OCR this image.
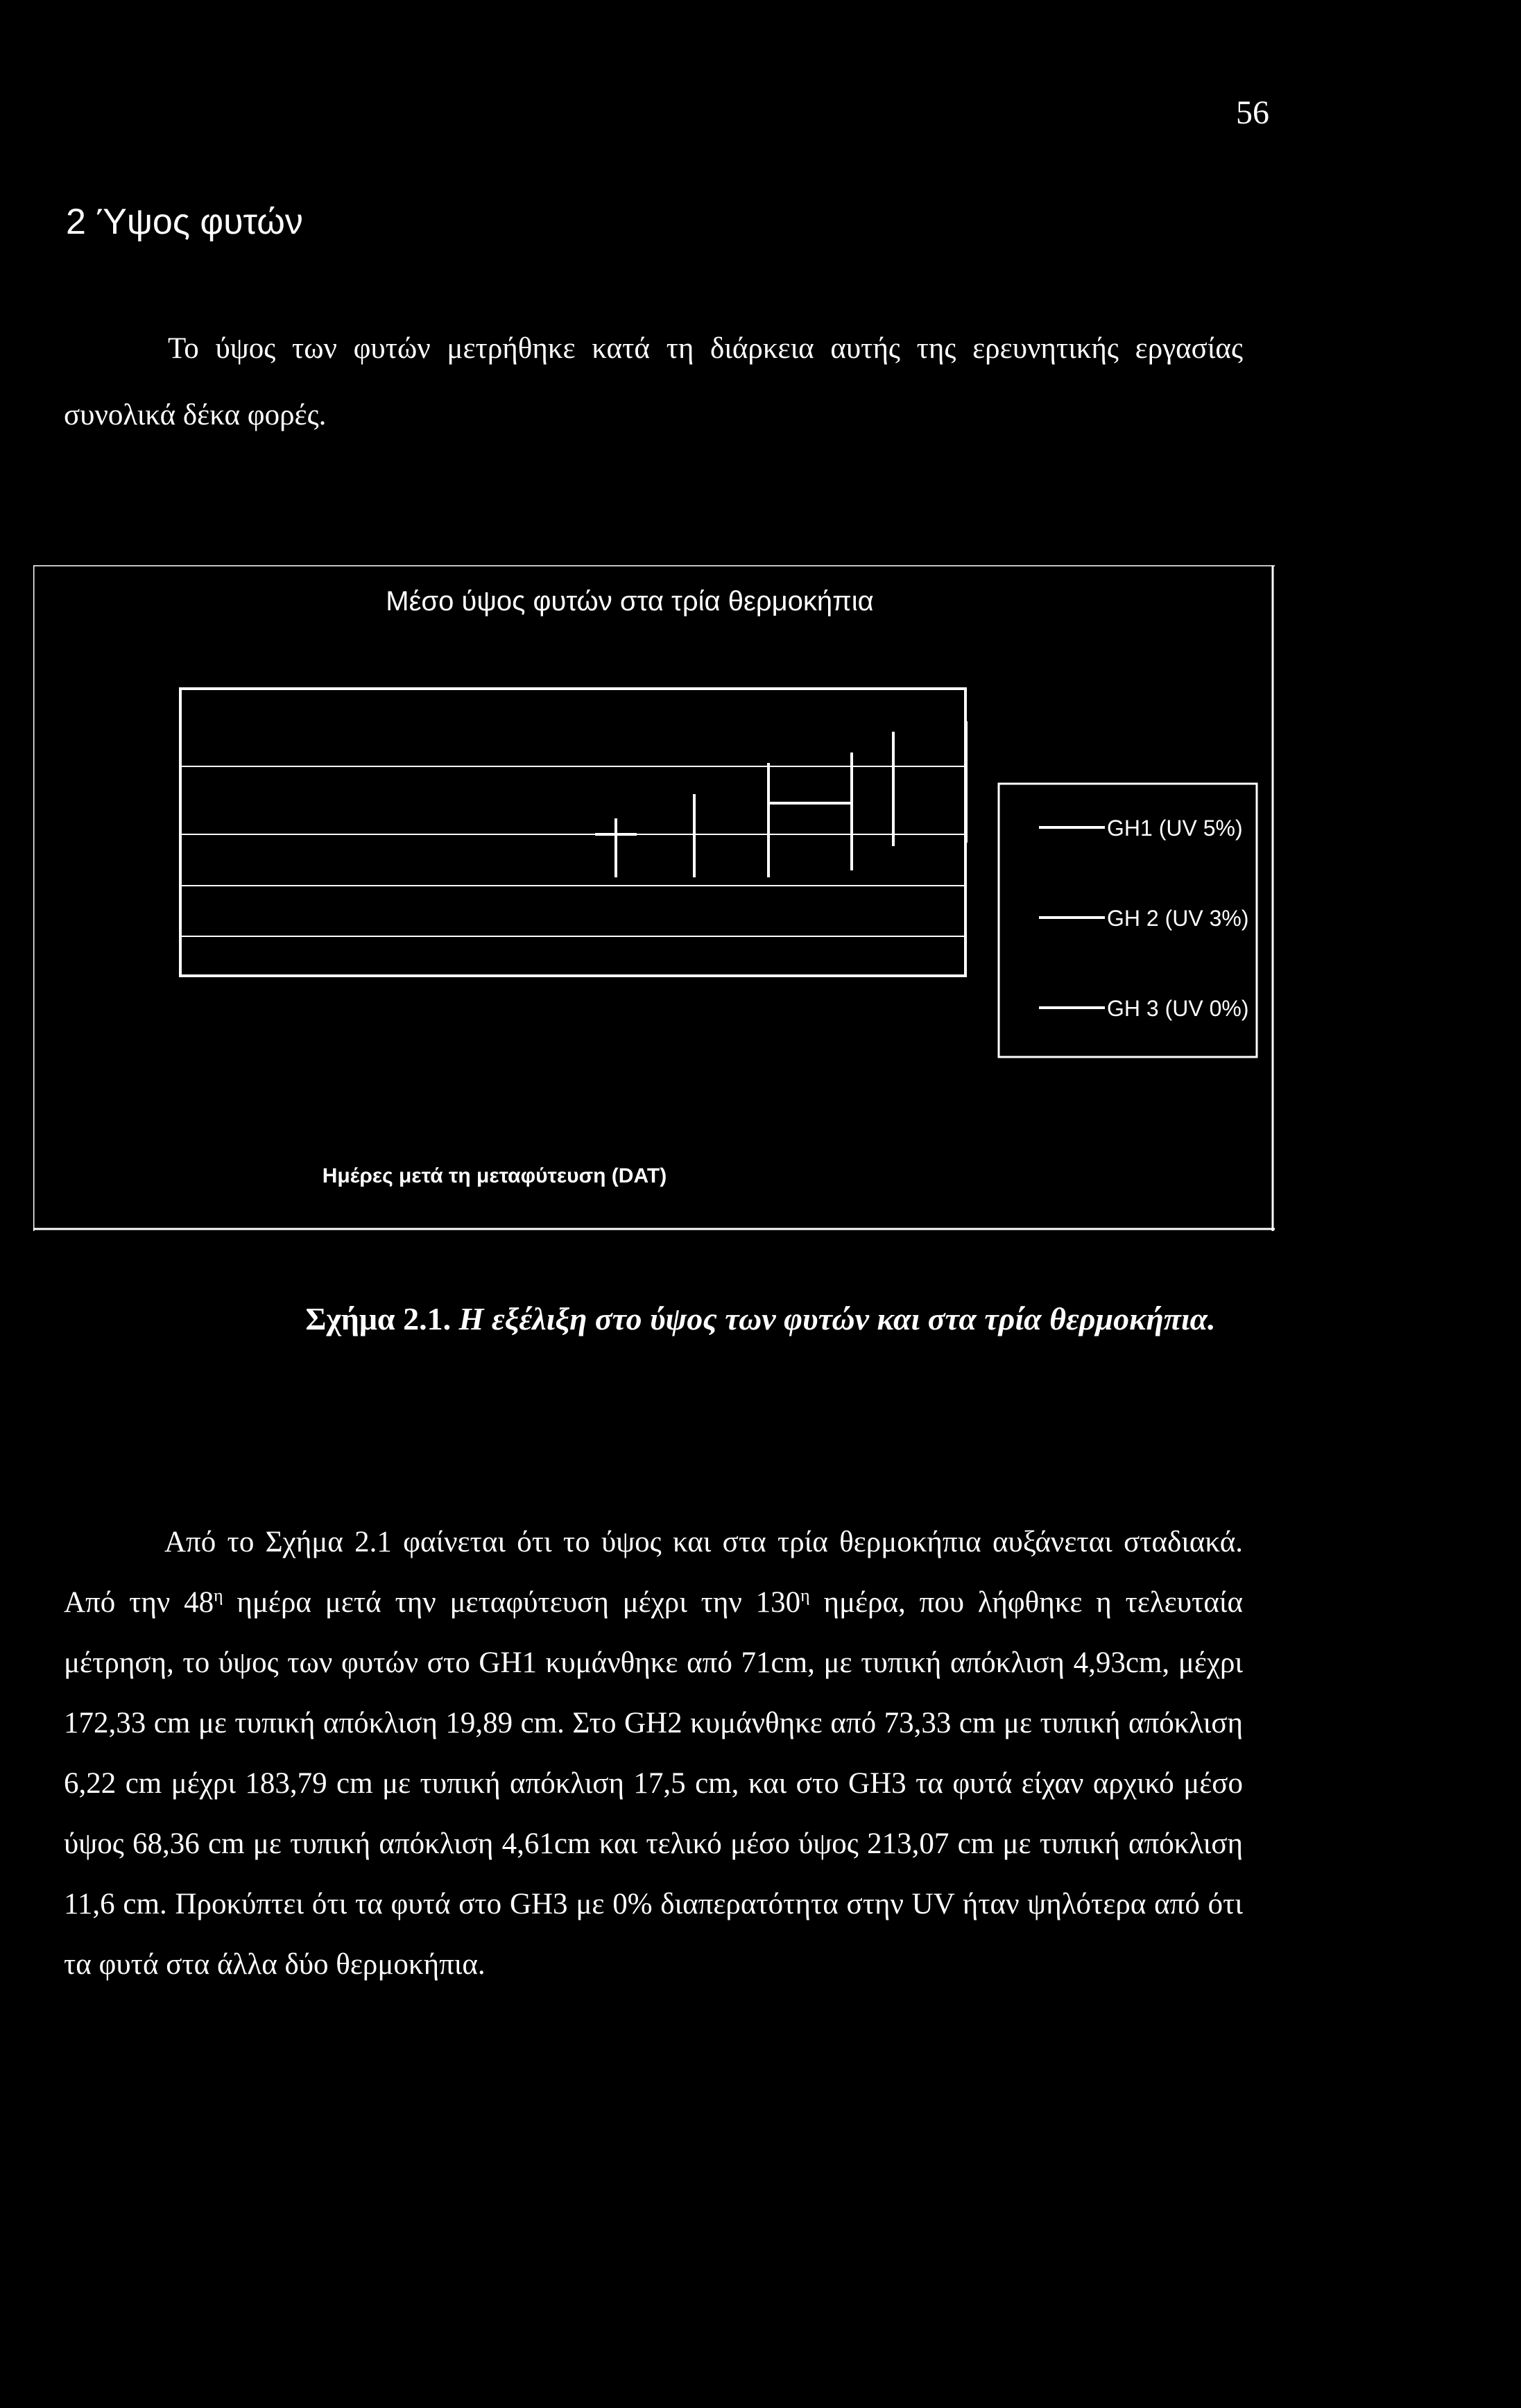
56
2 Ύψος φυτών
Το ύψος των φυτών μετρήθηκε κατά τη διάρκεια αυτής της ερευνητικής εργασίας συνολικά δέκα φορές.
Μέσο ύψος φυτών στα τρία θερμοκήπια
Ημέρες μετά τη μεταφύτευση (DAT)
GH1 (UV 5%)
GH 2 (UV 3%)
GH 3 (UV 0%)
Σχήμα 2.1. Η εξέλιξη στο ύψος των φυτών και στα τρία θερμοκήπια.
Από το Σχήμα 2.1 φαίνεται ότι το ύψος και στα τρία θερμοκήπια αυξάνεται σταδιακά. Από την $48^\eta$ ημέρα μετά την μεταφύτευση μέχρι την $130^\eta$ ημέρα, που λήφθηκε η τελευταία μέτρηση, το ύψος των φυτών στο GH1 κυμάνθηκε από 71cm, με τυπική απόκλιση 4,93cm, μέχρι 172,33 cm με τυπική απόκλιση 19,89 cm. Στο GH2 κυμάνθηκε από 73,33 cm με τυπική απόκλιση 6,22 cm μέχρι 183,79 cm με τυπική απόκλιση 17,5 cm, και στο GH3 τα φυτά είχαν αρχικό μέσο ύψος 68,36 cm με τυπική απόκλιση 4,61cm και τελικό μέσο ύψος 213,07 cm με τυπική απόκλιση 11,6 cm. Προκύπτει ότι τα φυτά στο GH3 με 0% διαπερατότητα στην UV ήταν ψηλότερα από ότι τα φυτά στα άλλα δύο θερμοκήπια.
